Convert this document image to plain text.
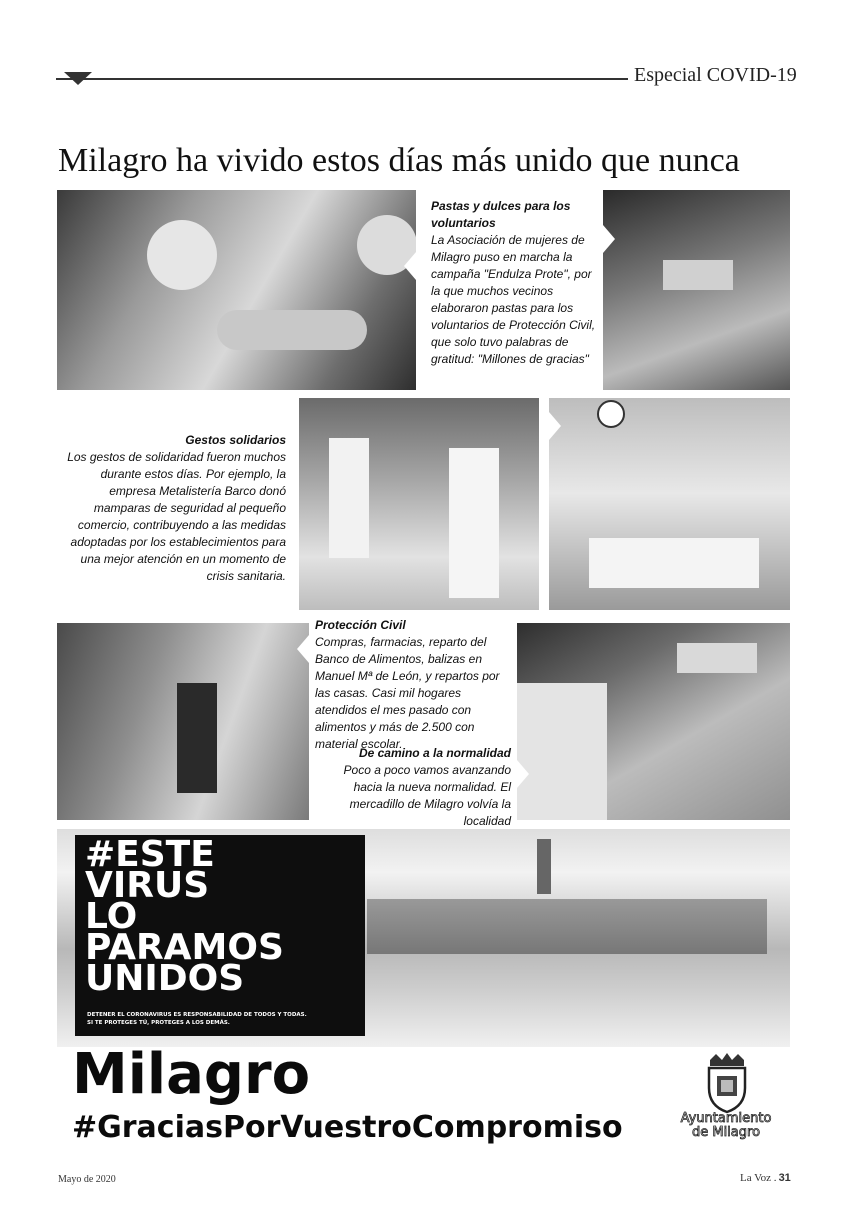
Especial COVID-19
Milagro ha vivido estos días más unido que nunca
Pastas y dulces para los voluntarios
La Asociación de mujeres de Milagro puso en marcha la campaña "Endulza Prote", por la que muchos vecinos elaboraron pastas para los voluntarios de Protección Civil, que solo tuvo palabras de gratitud: "Millones de gracias"
Gestos solidarios
Los gestos de solidaridad fueron muchos durante estos días. Por ejemplo, la empresa Metalistería Barco donó mamparas de seguridad al pequeño comercio, contribuyendo a las medidas adoptadas por los establecimientos para una mejor atención en un momento de crisis sanitaria.
Protección Civil
Compras, farmacias, reparto del Banco de Alimentos, balizas en Manuel Mª de León, y repartos por las casas. Casi mil hogares atendidos el mes pasado con alimentos y más de 2.500 con material escolar.
De camino a la normalidad
Poco a poco vamos avanzando hacia la nueva normalidad. El mercadillo de Milagro volvía la localidad
#ESTE
VIRUS
LO
PARAMOS
UNIDOS
DETENER EL CORONAVIRUS ES RESPONSABILIDAD DE TODOS Y TODAS.
SI TE PROTEGES TÚ, PROTEGES A LOS DEMÁS.
Milagro
#GraciasPorVuestroCompromiso	Ayuntamiento
de Milagro
Mayo de 2020	La Voz . 31
